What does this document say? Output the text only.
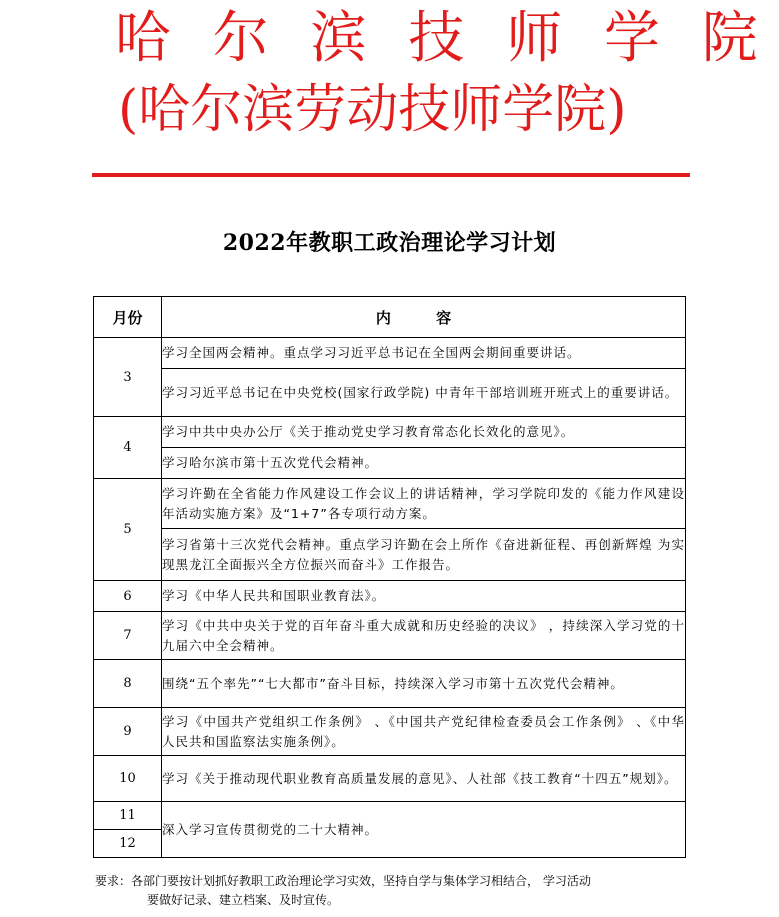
哈 尔 滨 技 师 学 院
(哈尔滨劳动技师学院)
2022年教职工政治理论学习计划
月份	内 容
3	学习全国两会精神。重点学习习近平总书记在全国两会期间重要讲话。
	学习习近平总书记在中央党校(国家行政学院) 中青年干部培训班开班式上的重要讲话。
4	学习中共中央办公厅《关于推动党史学习教育常态化长效化的意见》。
	学习哈尔滨市第十五次党代会精神。
5	学习许勤在全省能力作风建设工作会议上的讲话精神，学习学院印发的《能力作风建设年活动实施方案》及“1+7”各专项行动方案。
	学习省第十三次党代会精神。重点学习许勤在会上所作《奋进新征程、再创新辉煌 为实现黑龙江全面振兴全方位振兴而奋斗》工作报告。
6	学习《中华人民共和国职业教育法》。
7	学习《中共中央关于党的百年奋斗重大成就和历史经验的决议》 ，持续深入学习党的十九届六中全会精神。
8	围绕“五个率先”“七大都市”奋斗目标，持续深入学习市第十五次党代会精神。
9	学习《中国共产党组织工作条例》 、《中国共产党纪律检查委员会工作条例》 、《中华人民共和国监察法实施条例》。
10	学习《关于推动现代职业教育高质量发展的意见》、人社部《技工教育“十四五”规划》。
11	深入学习宣传贯彻党的二十大精神。
12	
要求：各部门要按计划抓好教职工政治理论学习实效，坚持自学与集体学习相结合， 学习活动
要做好记录、建立档案、及时宣传。
